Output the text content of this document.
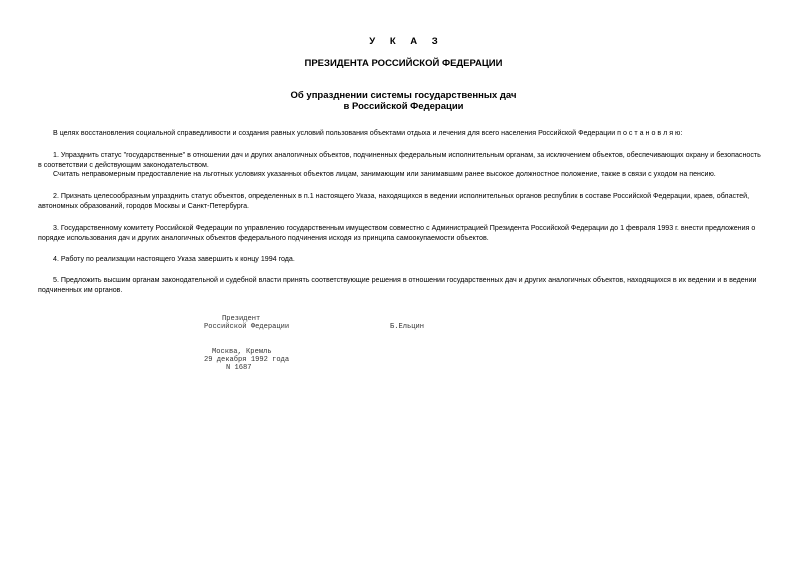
У К А З
ПРЕЗИДЕНТА РОССИЙСКОЙ ФЕДЕРАЦИИ
Об упразднении системы государственных дач
в Российской Федерации
В целях восстановления социальной справедливости и создания равных условий пользования объектами отдыха и лечения для всего населения Российской Федерации п о с т а н о в л я ю:
1. Упразднить статус "государственные" в отношении дач и других аналогичных объектов, подчиненных федеральным исполнительным органам, за исключением объектов, обеспечивающих охрану и безопасность
в соответствии с действующим законодательством.
Считать неправомерным предоставление на льготных условиях указанных объектов лицам, занимающим или занимавшим ранее высокое должностное положение, также в связи с уходом на пенсию.
2. Признать целесообразным упразднить статус объектов, определенных в п.1 настоящего Указа, находящихся в ведении исполнительных органов республик в составе Российской Федерации, краев, областей,
автономных образований, городов Москвы и Санкт-Петербурга.
3. Государственному комитету Российской Федерации по управлению государственным имуществом совместно с Администрацией Президента Российской Федерации до 1 февраля 1993 г. внести предложения о
порядке использования дач и других аналогичных объектов федерального подчинения исходя из принципа самоокупаемости объектов.
4. Работу по реализации настоящего Указа завершить к концу 1994 года.
5. Предложить высшим органам законодательной и судебной власти принять соответствующие решения в отношении государственных дач и других аналогичных объектов, находящихся в их ведении и в ведении
подчиненных им органов.
Президент
Российской Федерации	Б.Ельцин
Москва, Кремль
29 декабря 1992 года
N 1687
